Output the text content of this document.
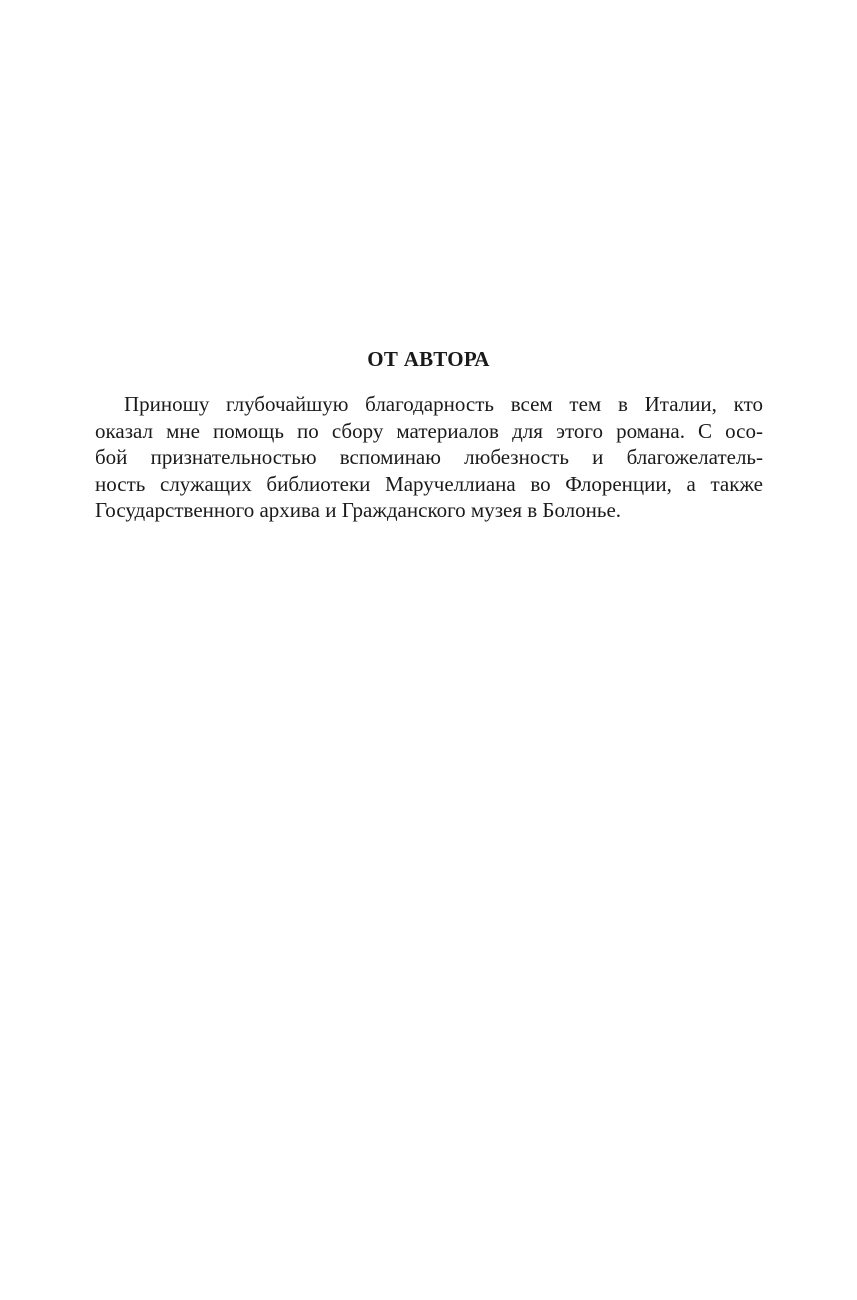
ОТ АВТОРА
Приношу глубочайшую благодарность всем тем в Италии, кто
оказал мне помощь по сбору материалов для этого романа. С осо-
бой признательностью вспоминаю любезность и благожелатель-
ность служащих библиотеки Маручеллиана во Флоренции, а также
Государственного архива и Гражданского музея в Болонье.
